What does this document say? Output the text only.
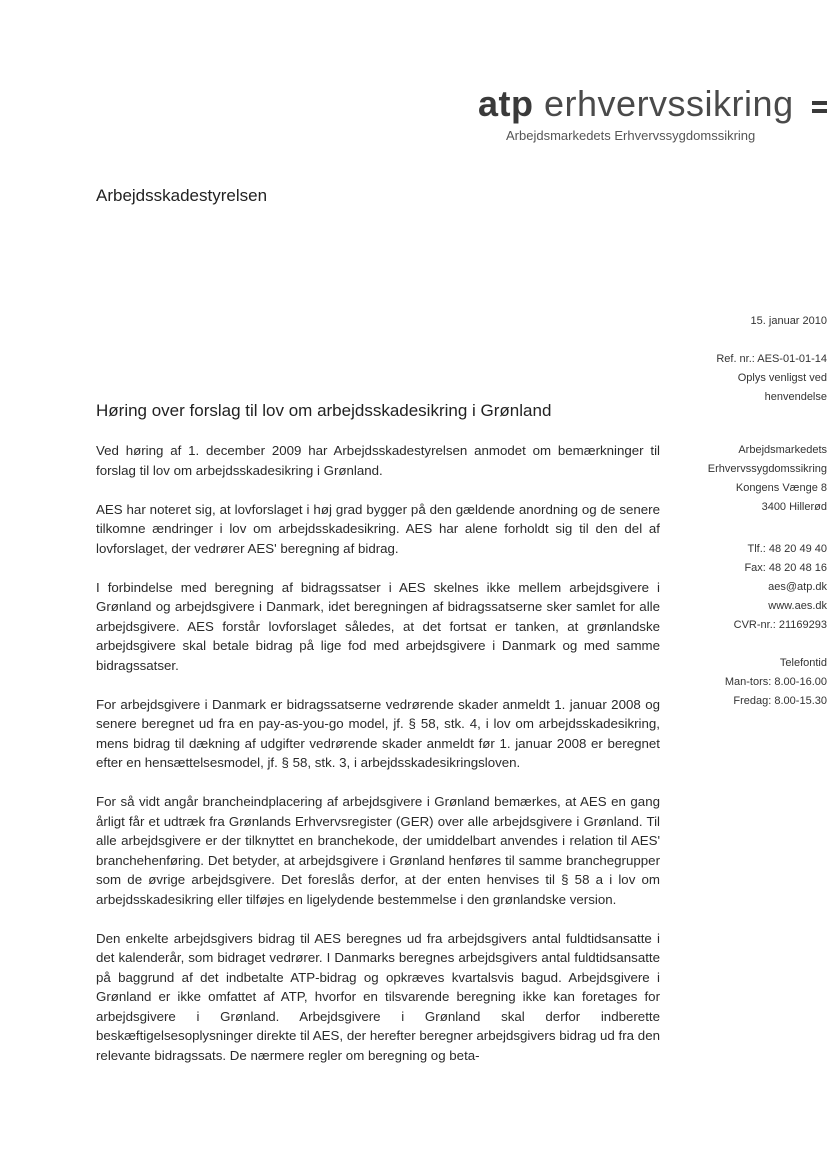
atp erhvervssikring
Arbejdsmarkedets Erhvervssygdomssikring
Arbejdsskadestyrelsen
15. januar 2010
Ref. nr.: AES-01-01-14
Oplys venligst ved
henvendelse
Arbejdsmarkedets
Erhvervssygdomssikring
Kongens Vænge 8
3400 Hillerød
Tlf.: 48 20 49 40
Fax: 48 20 48 16
aes@atp.dk
www.aes.dk
CVR-nr.: 21169293
Telefontid
Man-tors: 8.00-16.00
Fredag: 8.00-15.30
Høring over forslag til lov om arbejdsskadesikring i Grønland

Ved høring af 1. december 2009 har Arbejdsskadestyrelsen anmodet om bemærkninger til forslag til lov om arbejdsskadesikring i Grønland.

AES har noteret sig, at lovforslaget i høj grad bygger på den gældende anordning og de senere tilkomne ændringer i lov om arbejdsskadesikring. AES har alene forholdt sig til den del af lovforslaget, der vedrører AES' beregning af bidrag.

I forbindelse med beregning af bidragssatser i AES skelnes ikke mellem arbejdsgivere i Grønland og arbejdsgivere i Danmark, idet beregningen af bidragssatserne sker samlet for alle arbejdsgivere. AES forstår lovforslaget således, at det fortsat er tanken, at grønlandske arbejdsgivere skal betale bidrag på lige fod med arbejdsgivere i Danmark og med samme bidragssatser.

For arbejdsgivere i Danmark er bidragssatserne vedrørende skader anmeldt 1. januar 2008 og senere beregnet ud fra en pay-as-you-go model, jf. § 58, stk. 4, i lov om arbejdsskadesikring, mens bidrag til dækning af udgifter vedrørende skader anmeldt før 1. januar 2008 er beregnet efter en hensættelsesmodel, jf. § 58, stk. 3, i arbejdsskadesikringsloven.

For så vidt angår brancheindplacering af arbejdsgivere i Grønland bemærkes, at AES en gang årligt får et udtræk fra Grønlands Erhvervsregister (GER) over alle arbejdsgivere i Grønland. Til alle arbejdsgivere er der tilknyttet en branchekode, der umiddelbart anvendes i relation til AES' branchehenføring. Det betyder, at arbejdsgivere i Grønland henføres til samme branchegrupper som de øvrige arbejdsgivere. Det foreslås derfor, at der enten henvises til § 58 a i lov om arbejdsskadesikring eller tilføjes en ligelydende bestemmelse i den grønlandske version.

Den enkelte arbejdsgivers bidrag til AES beregnes ud fra arbejdsgivers antal fuldtidsansatte i det kalenderår, som bidraget vedrører. I Danmarks beregnes arbejdsgivers antal fuldtidsansatte på baggrund af det indbetalte ATP-bidrag og opkræves kvartalsvis bagud. Arbejdsgivere i Grønland er ikke omfattet af ATP, hvorfor en tilsvarende beregning ikke kan foretages for arbejdsgivere i Grønland. Arbejdsgivere i Grønland skal derfor indberette beskæftigelsesoplysninger direkte til AES, der herefter beregner arbejdsgivers bidrag ud fra den relevante bidragssats. De nærmere regler om beregning og beta-
